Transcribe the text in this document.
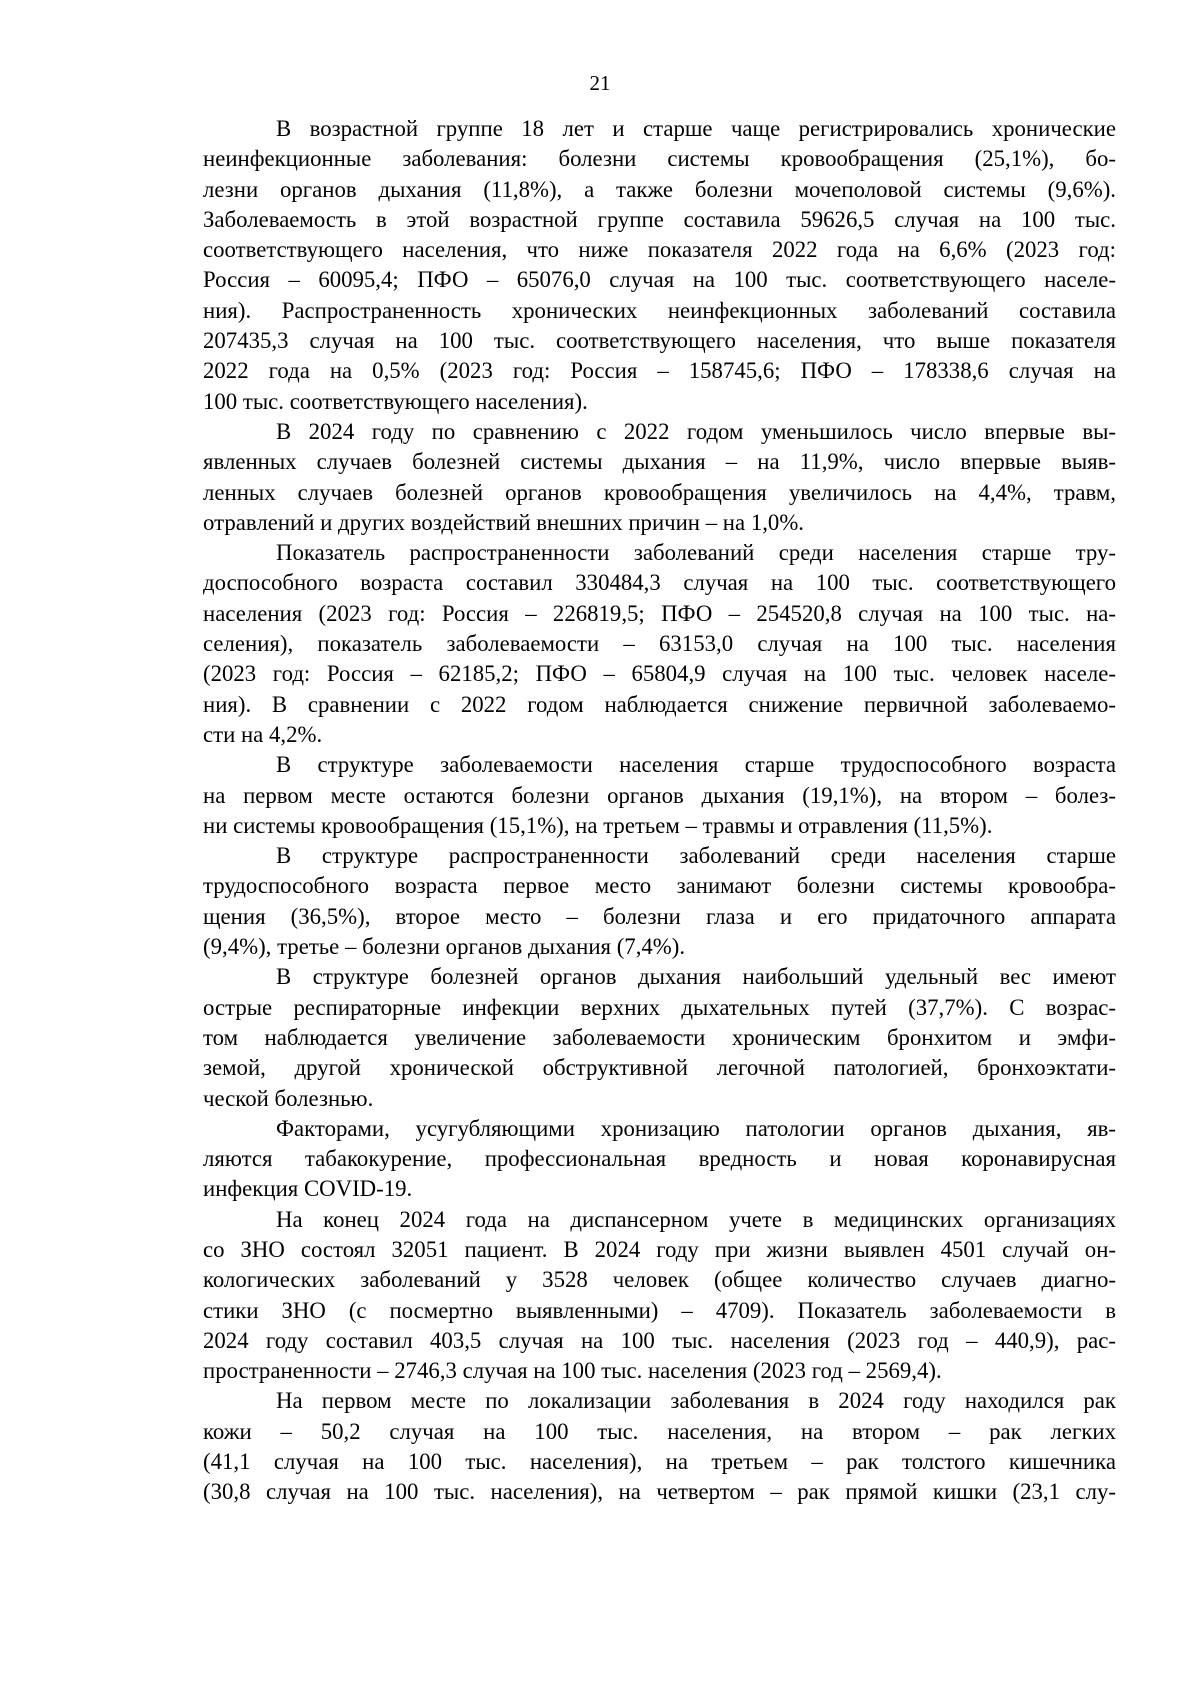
21
В возрастной группе 18 лет и старше чаще регистрировались хронические
неинфекционные заболевания: болезни системы кровообращения (25,1%), бо-
лезни органов дыхания (11,8%), а также болезни мочеполовой системы (9,6%).
Заболеваемость в этой возрастной группе составила 59626,5 случая на 100 тыс.
соответствующего населения, что ниже показателя 2022 года на 6,6% (2023 год:
Россия – 60095,4; ПФО – 65076,0 случая на 100 тыс. соответствующего населе-
ния). Распространенность хронических неинфекционных заболеваний составила
207435,3 случая на 100 тыс. соответствующего населения, что выше показателя
2022 года на 0,5% (2023 год: Россия – 158745,6; ПФО – 178338,6 случая на
100 тыс. соответствующего населения).
В 2024 году по сравнению с 2022 годом уменьшилось число впервые вы-
явленных случаев болезней системы дыхания – на 11,9%, число впервые выяв-
ленных случаев болезней органов кровообращения увеличилось на 4,4%, травм,
отравлений и других воздействий внешних причин – на 1,0%.
Показатель распространенности заболеваний среди населения старше тру-
доспособного возраста составил 330484,3 случая на 100 тыс. соответствующего
населения (2023 год: Россия – 226819,5; ПФО – 254520,8 случая на 100 тыс. на-
селения), показатель заболеваемости – 63153,0 случая на 100 тыс. населения
(2023 год: Россия – 62185,2; ПФО – 65804,9 случая на 100 тыс. человек населе-
ния). В сравнении с 2022 годом наблюдается снижение первичной заболеваемо-
сти на 4,2%.
В структуре заболеваемости населения старше трудоспособного возраста
на первом месте остаются болезни органов дыхания (19,1%), на втором – болез-
ни системы кровообращения (15,1%), на третьем – травмы и отравления (11,5%).
В структуре распространенности заболеваний среди населения старше
трудоспособного возраста первое место занимают болезни системы кровообра-
щения (36,5%), второе место – болезни глаза и его придаточного аппарата
(9,4%), третье – болезни органов дыхания (7,4%).
В структуре болезней органов дыхания наибольший удельный вес имеют
острые респираторные инфекции верхних дыхательных путей (37,7%). С возрас-
том наблюдается увеличение заболеваемости хроническим бронхитом и эмфи-
земой, другой хронической обструктивной легочной патологией, бронхоэктати-
ческой болезнью.
Факторами, усугубляющими хронизацию патологии органов дыхания, яв-
ляются табакокурение, профессиональная вредность и новая коронавирусная
инфекция COVID-19.
На конец 2024 года на диспансерном учете в медицинских организациях
со ЗНО состоял 32051 пациент. В 2024 году при жизни выявлен 4501 случай он-
кологических заболеваний у 3528 человек (общее количество случаев диагно-
стики ЗНО (с посмертно выявленными) – 4709). Показатель заболеваемости в
2024 году составил 403,5 случая на 100 тыс. населения (2023 год – 440,9), рас-
пространенности – 2746,3 случая на 100 тыс. населения (2023 год – 2569,4).
На первом месте по локализации заболевания в 2024 году находился рак
кожи – 50,2 случая на 100 тыс. населения, на втором – рак легких
(41,1 случая на 100 тыс. населения), на третьем – рак толстого кишечника
(30,8 случая на 100 тыс. населения), на четвертом – рак прямой кишки (23,1 слу-
